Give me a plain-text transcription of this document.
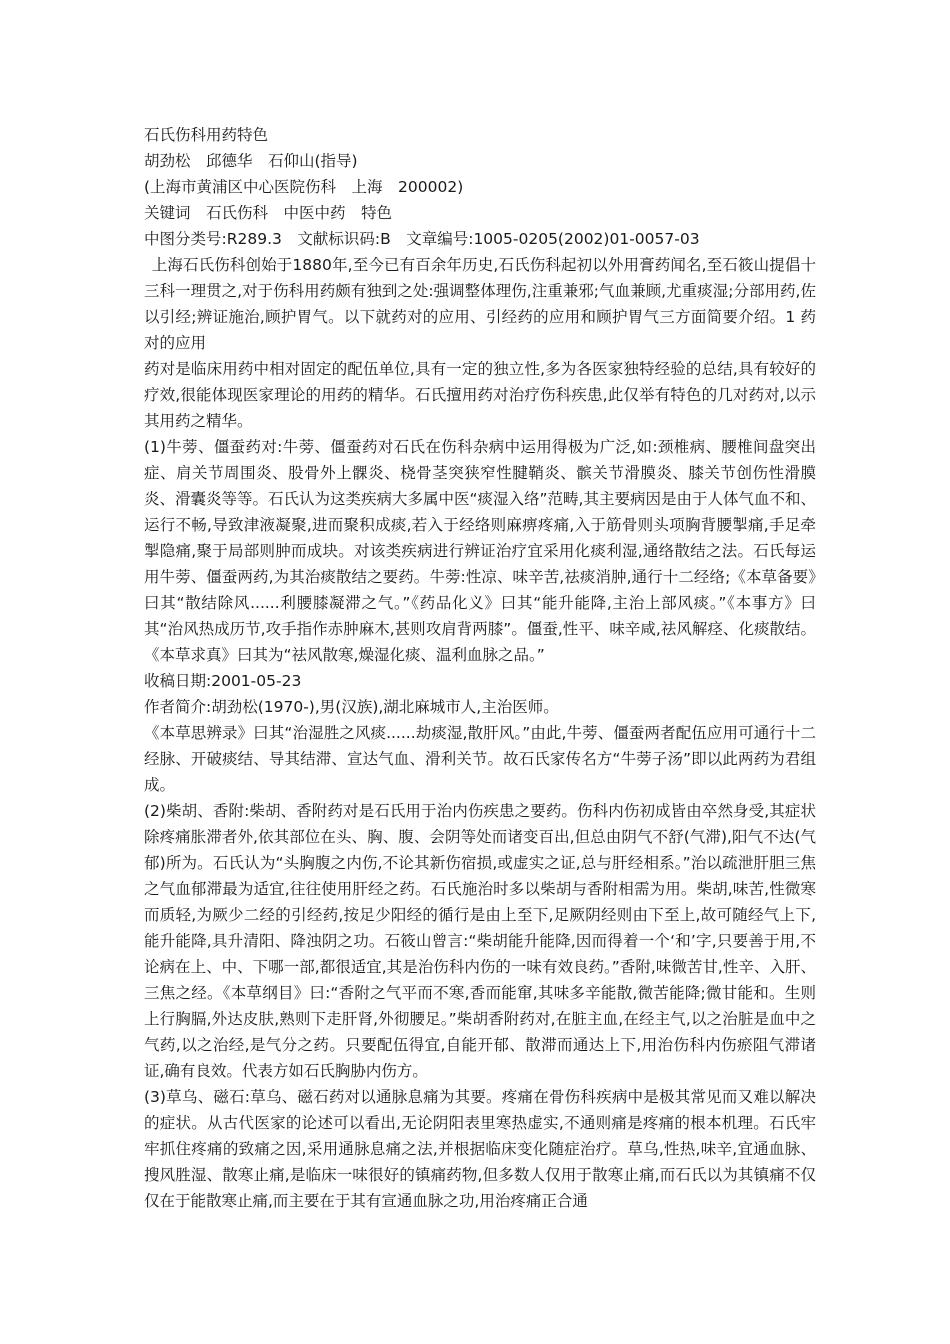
石氏伤科用药特色

胡劲松　邱德华　石仰山(指导)

(上海市黄浦区中心医院伤科　上海　200002)

关键词　石氏伤科　中医中药　特色

中图分类号:R289.3　文献标识码:B　文章编号:1005-0205(2002)01-0057-03

上海石氏伤科创始于1880年,至今已有百余年历史,石氏伤科起初以外用膏药闻名,至石筱山提倡十三科一理贯之,对于伤科用药颇有独到之处:强调整体理伤,注重兼邪;气血兼顾,尤重痰湿;分部用药,佐以引经;辨证施治,顾护胃气。以下就药对的应用、引经药的应用和顾护胃气三方面简要介绍。1 药对的应用

药对是临床用药中相对固定的配伍单位,具有一定的独立性,多为各医家独特经验的总结,具有较好的疗效,很能体现医家理论的用药的精华。石氏擅用药对治疗伤科疾患,此仅举有特色的几对药对,以示其用药之精华。

(1)牛蒡、僵蚕药对:牛蒡、僵蚕药对石氏在伤科杂病中运用得极为广泛,如:颈椎病、腰椎间盘突出症、肩关节周围炎、股骨外上髁炎、桡骨茎突狭窄性腱鞘炎、髌关节滑膜炎、膝关节创伤性滑膜炎、滑囊炎等等。石氏认为这类疾病大多属中医“痰湿入络”范畴,其主要病因是由于人体气血不和、运行不畅,导致津液凝聚,进而聚积成痰,若入于经络则麻痹疼痛,入于筋骨则头项胸背腰掣痛,手足牵掣隐痛,聚于局部则肿而成块。对该类疾病进行辨证治疗宜采用化痰利湿,通络散结之法。石氏每运用牛蒡、僵蚕两药,为其治痰散结之要药。牛蒡:性凉、味辛苦,祛痰消肿,通行十二经络;《本草备要》曰其“散结除风......利腰膝凝滞之气。”《药品化义》曰其“能升能降,主治上部风痰。”《本事方》曰其“治风热成历节,攻手指作赤肿麻木,甚则攻肩背两膝”。僵蚕,性平、味辛咸,祛风解痉、化痰散结。《本草求真》曰其为“祛风散寒,燥湿化痰、温利血脉之品。”

收稿日期:2001-05-23

作者简介:胡劲松(1970-),男(汉族),湖北麻城市人,主治医师。

《本草思辨录》曰其“治湿胜之风痰......劫痰湿,散肝风。”由此,牛蒡、僵蚕两者配伍应用可通行十二经脉、开破痰结、导其结滞、宣达气血、滑利关节。故石氏家传名方“牛蒡子汤”即以此两药为君组成。

(2)柴胡、香附:柴胡、香附药对是石氏用于治内伤疾患之要药。伤科内伤初成皆由卒然身受,其症状除疼痛胀滞者外,依其部位在头、胸、腹、会阴等处而诸变百出,但总由阴气不舒(气滞),阳气不达(气郁)所为。石氏认为“头胸腹之内伤,不论其新伤宿损,或虚实之证,总与肝经相系。”治以疏泄肝胆三焦之气血郁滞最为适宜,往往使用肝经之药。石氏施治时多以柴胡与香附相需为用。柴胡,味苦,性微寒而质轻,为厥少二经的引经药,按足少阳经的循行是由上至下,足厥阴经则由下至上,故可随经气上下,能升能降,具升清阳、降浊阴之功。石筱山曾言:“柴胡能升能降,因而得着一个‘和’字,只要善于用,不论病在上、中、下哪一部,都很适宜,其是治伤科内伤的一味有效良药。”香附,味微苦甘,性辛、入肝、三焦之经。《本草纲目》曰:“香附之气平而不寒,香而能窜,其味多辛能散,微苦能降;微甘能和。生则上行胸膈,外达皮肤,熟则下走肝肾,外彻腰足。”柴胡香附药对,在脏主血,在经主气,以之治脏是血中之气药,以之治经,是气分之药。只要配伍得宜,自能开郁、散滞而通达上下,用治伤科内伤瘀阻气滞诸证,确有良效。代表方如石氏胸胁内伤方。

(3)草乌、磁石:草乌、磁石药对以通脉息痛为其要。疼痛在骨伤科疾病中是极其常见而又难以解决的症状。从古代医家的论述可以看出,无论阴阳表里寒热虚实,不通则痛是疼痛的根本机理。石氏牢牢抓住疼痛的致痛之因,采用通脉息痛之法,并根据临床变化随症治疗。草乌,性热,味辛,宜通血脉、搜风胜湿、散寒止痛,是临床一味很好的镇痛药物,但多数人仅用于散寒止痛,而石氏以为其镇痛不仅仅在于能散寒止痛,而主要在于其有宣通血脉之功,用治疼痛正合通
